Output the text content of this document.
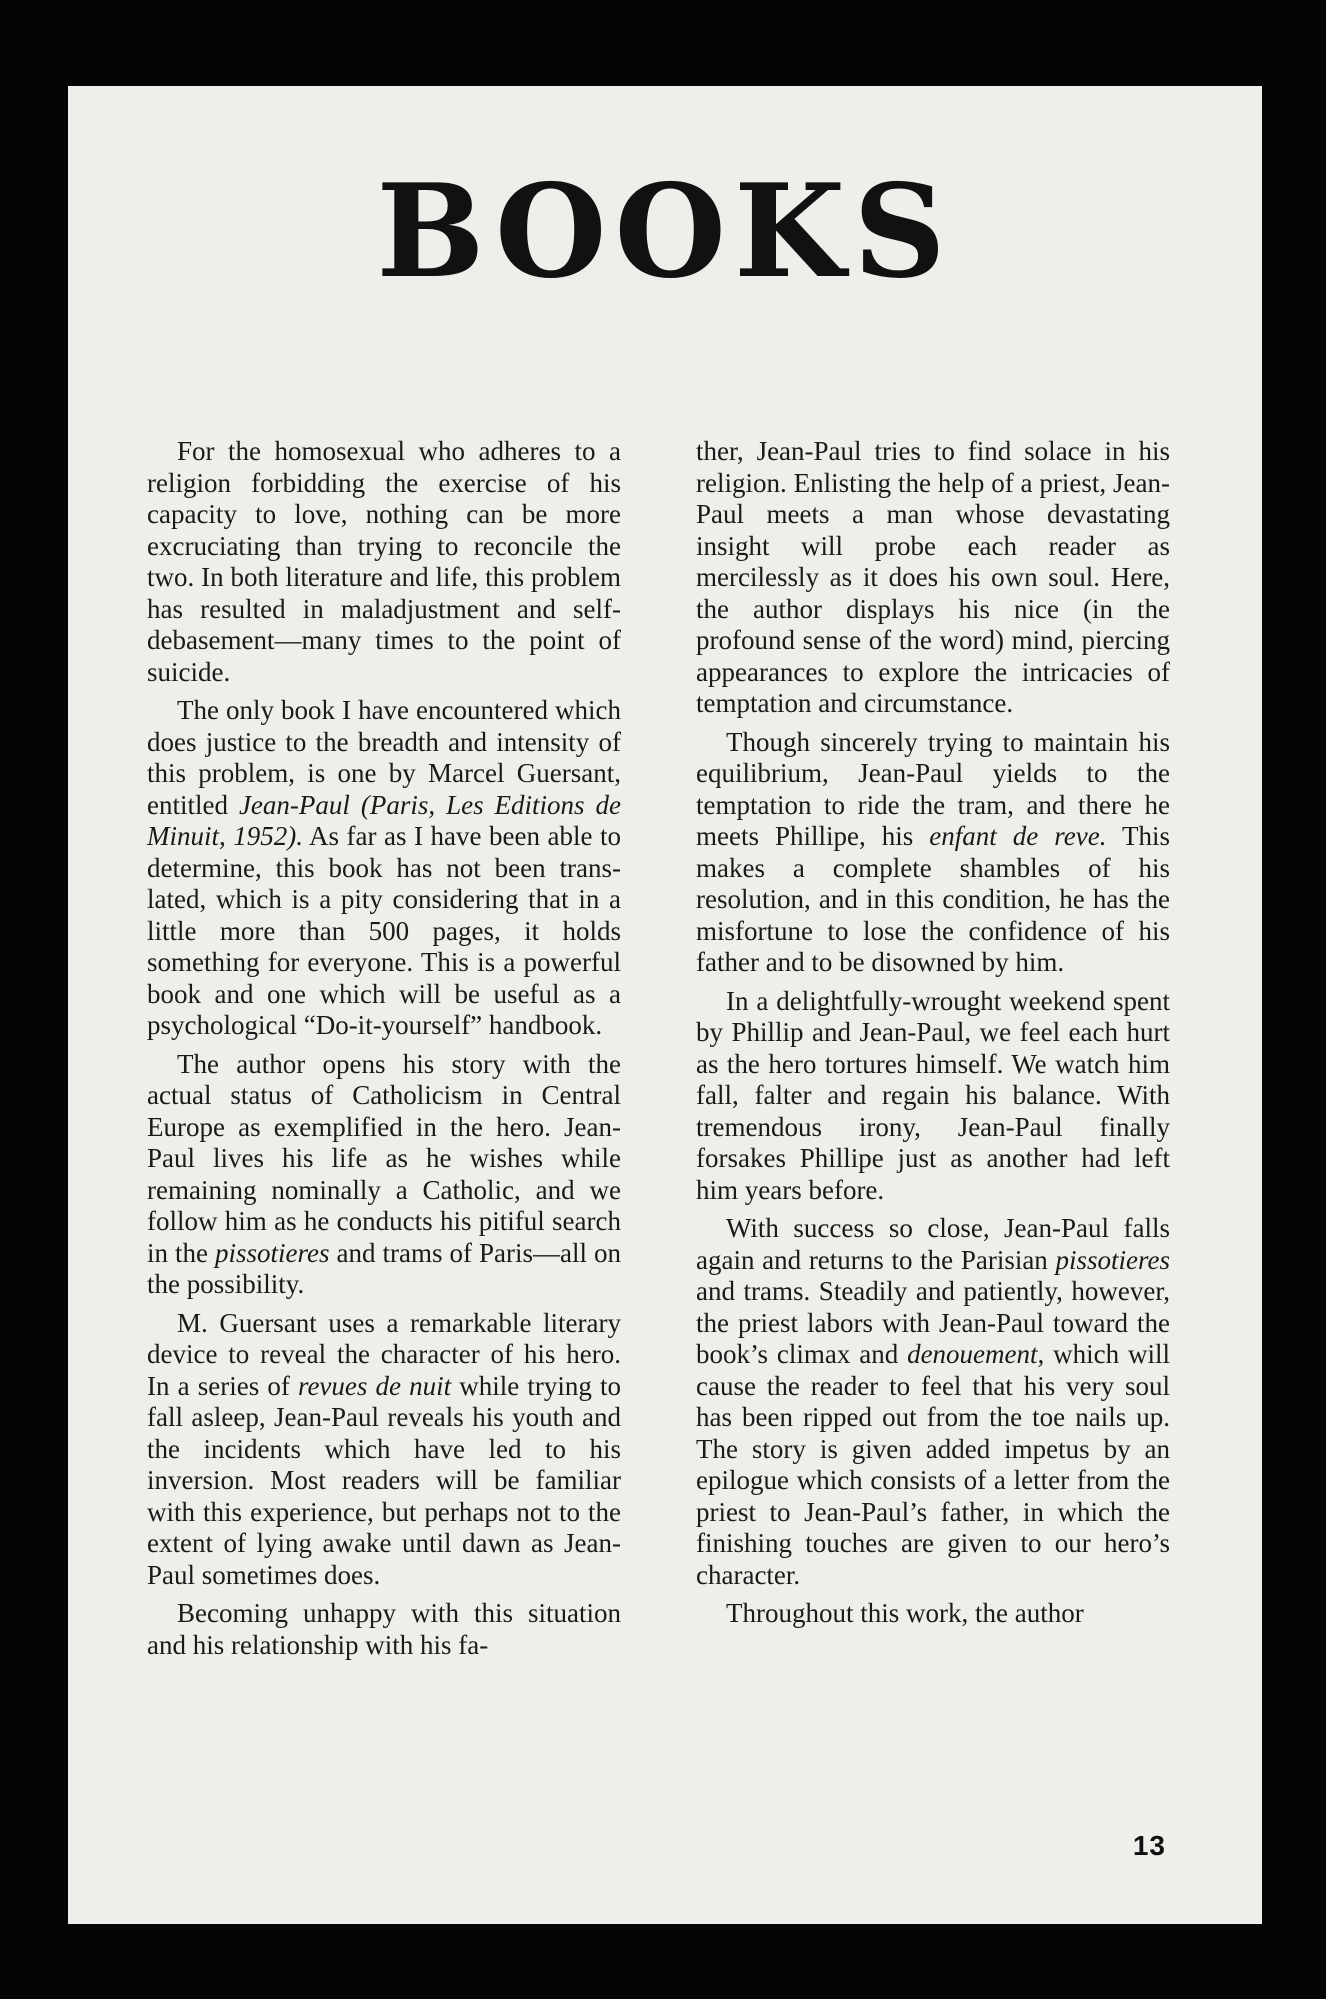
BOOKS

For the homosexual who adheres to a religion forbidding the exercise of his capacity to love, nothing can be more excruciating than trying to reconcile the two. In both literature and life, this problem has resulted in maladjustment and self-debasement—many times to the point of suicide.

The only book I have encountered which does justice to the breadth and intensity of this problem, is one by Marcel Guersant, entitled Jean-Paul (Paris, Les Editions de Minuit, 1952). As far as I have been able to determine, this book has not been translated, which is a pity considering that in a little more than 500 pages, it holds something for everyone. This is a powerful book and one which will be useful as a psychological “Do-it-yourself” handbook.

The author opens his story with the actual status of Catholicism in Central Europe as exemplified in the hero. Jean-Paul lives his life as he wishes while remaining nominally a Catholic, and we follow him as he conducts his pitiful search in the pissotieres and trams of Paris—all on the possibility.

M. Guersant uses a remarkable literary device to reveal the character of his hero. In a series of revues de nuit while trying to fall asleep, Jean-Paul reveals his youth and the incidents which have led to his inversion. Most readers will be familiar with this experience, but perhaps not to the extent of lying awake until dawn as Jean-Paul sometimes does.

Becoming unhappy with this situation and his relationship with his fa-

ther, Jean-Paul tries to find solace in his religion. Enlisting the help of a priest, Jean-Paul meets a man whose devastating insight will probe each reader as mercilessly as it does his own soul. Here, the author displays his nice (in the profound sense of the word) mind, piercing appearances to explore the intricacies of temptation and circumstance.

Though sincerely trying to maintain his equilibrium, Jean-Paul yields to the temptation to ride the tram, and there he meets Phillipe, his enfant de reve. This makes a complete shambles of his resolution, and in this condition, he has the misfortune to lose the confidence of his father and to be disowned by him.

In a delightfully-wrought weekend spent by Phillip and Jean-Paul, we feel each hurt as the hero tortures himself. We watch him fall, falter and regain his balance. With tremendous irony, Jean-Paul finally forsakes Phillipe just as another had left him years before.

With success so close, Jean-Paul falls again and returns to the Parisian pissotieres and trams. Steadily and patiently, however, the priest labors with Jean-Paul toward the book’s climax and denouement, which will cause the reader to feel that his very soul has been ripped out from the toe nails up. The story is given added impetus by an epilogue which consists of a letter from the priest to Jean-Paul’s father, in which the finishing touches are given to our hero’s character.

Throughout this work, the author

13
